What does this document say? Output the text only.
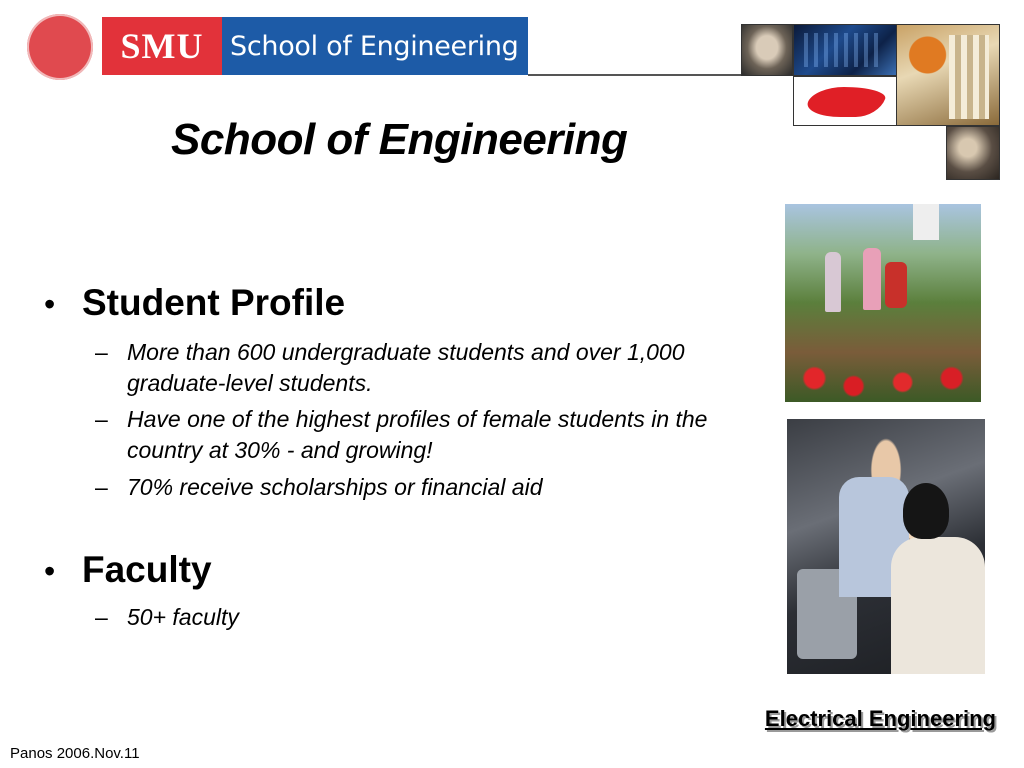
SMU School of Engineering
School of Engineering
• Student Profile
– More than 600 undergraduate students and over 1,000 graduate-level students.
– Have one of the highest profiles of female students in the country at 30% - and growing!
– 70% receive scholarships or financial aid
• Faculty
– 50+ faculty
Electrical Engineering
Panos 2006.Nov.11
